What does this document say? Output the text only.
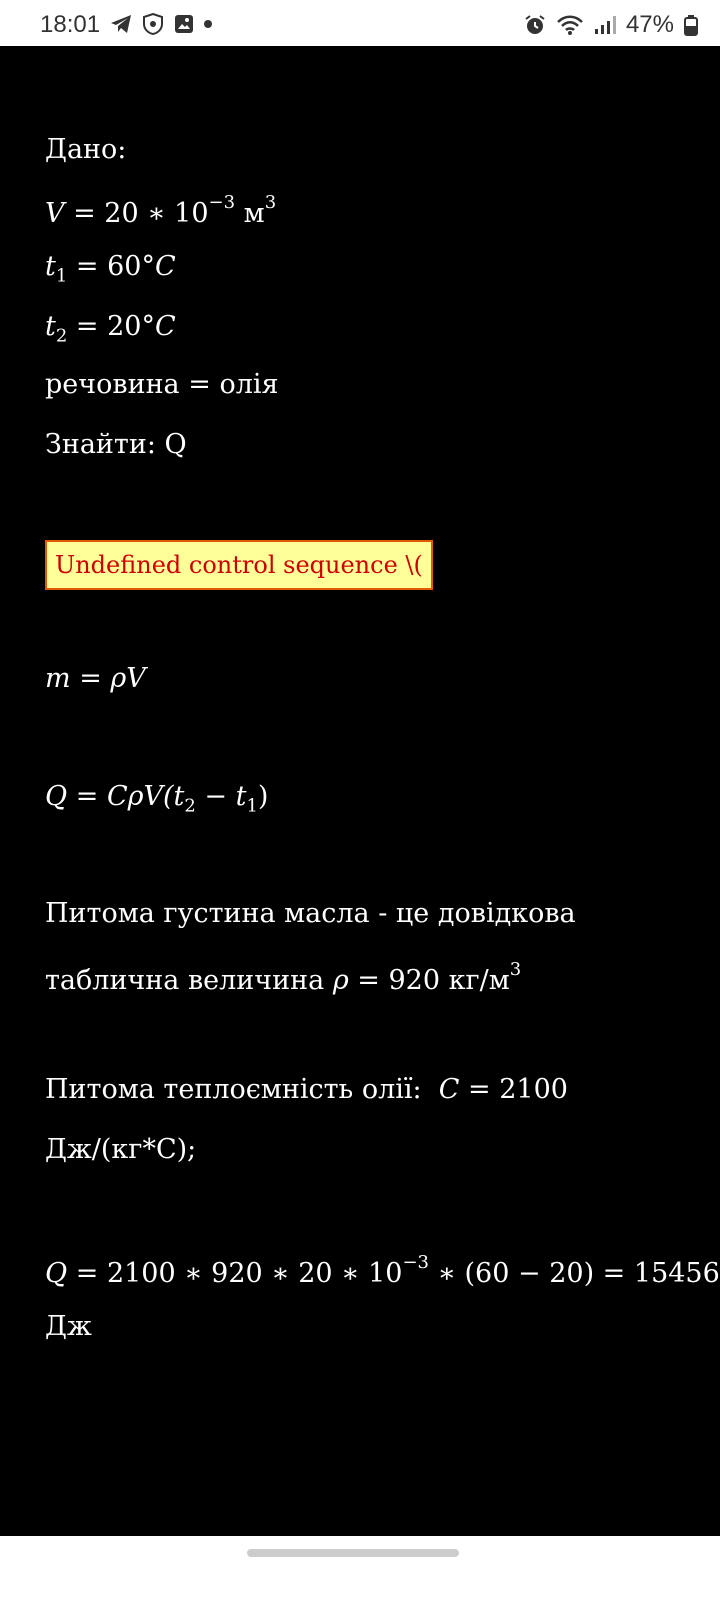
18:01	47%
Дано:
V = 20 ∗ $10^{-3}$ $м^3$
$t_1 = 60^\circ C$
$t_2 = 20^\circ C$
речовина = олія
Знайти: Q
Undefined control sequence \(
m = ρV
$Q = C\rho V(t_2 - t_1)$
Питома густина масла - це довідкова
таблична величина ρ = 920 $кг/м^3$
Питома теплоємність олії: C = 2100
Дж/(кг*С);
Q = 2100 ∗ 920 ∗ 20 ∗ $10^{-3}$ ∗ (60 − 20) = 15456
Дж
